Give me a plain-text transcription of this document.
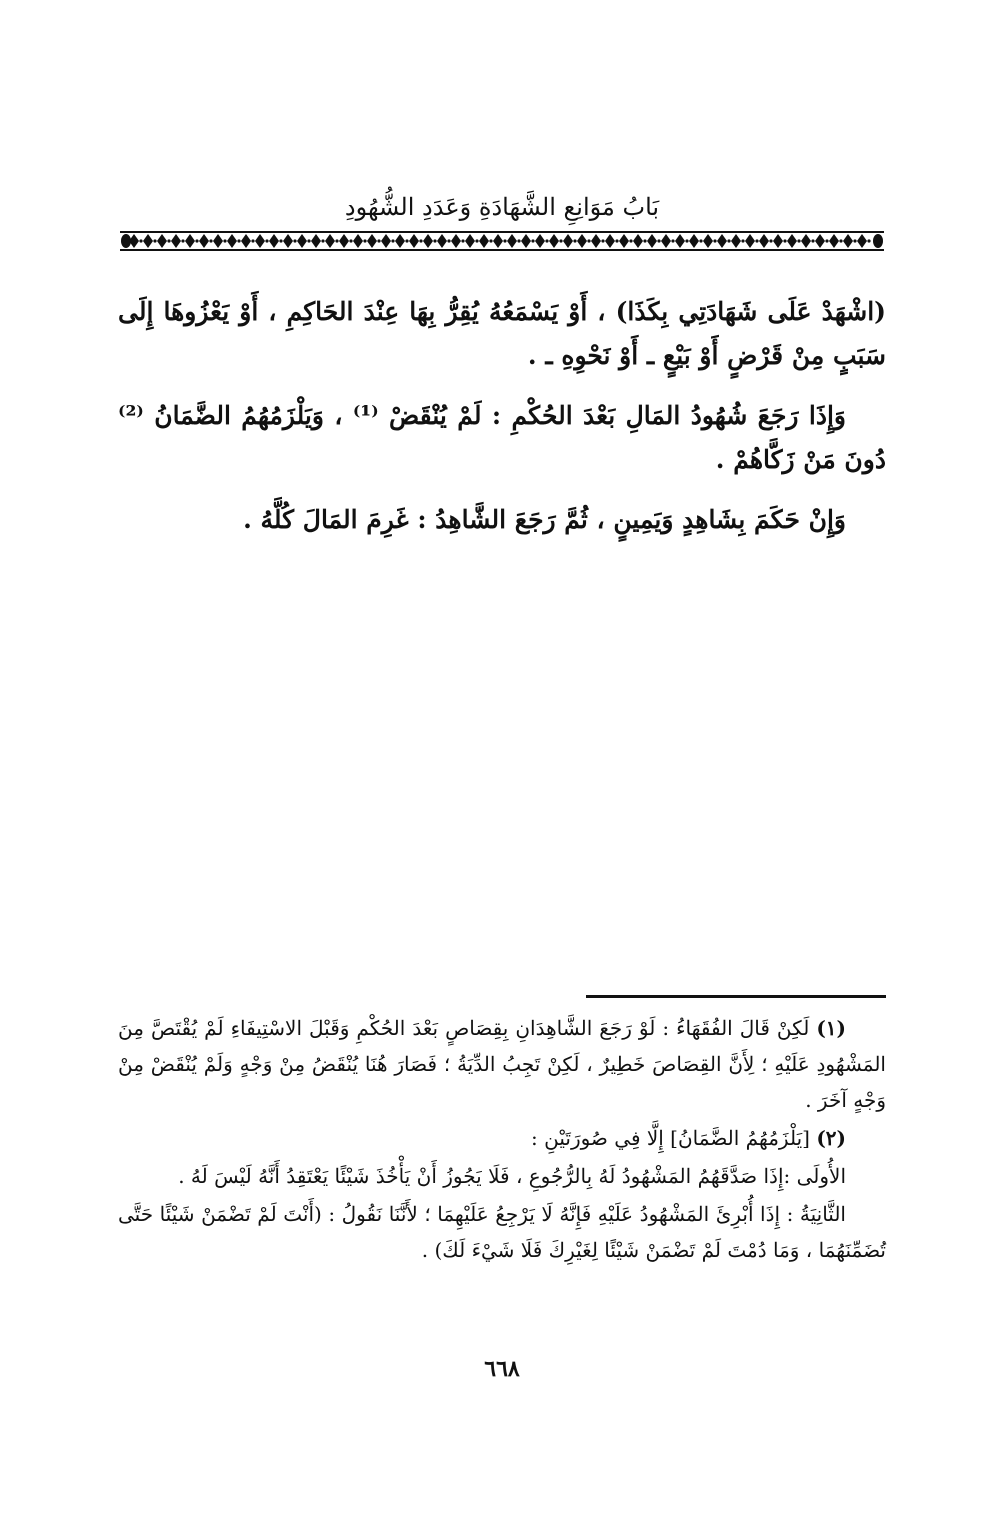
بَابُ مَوَانِعِ الشَّهَادَةِ وَعَدَدِ الشُّهُودِ

(اشْهَدْ عَلَى شَهَادَتِي بِكَذَا) ، أَوْ يَسْمَعُهُ يُقِرُّ بِهَا عِنْدَ الحَاكِمِ ، أَوْ يَعْزُوهَا إِلَى سَبَبٍ مِنْ قَرْضٍ أَوْ بَيْعٍ ـ أَوْ نَحْوِهِ ـ .

وَإِذَا رَجَعَ شُهُودُ المَالِ بَعْدَ الحُكْمِ : لَمْ يُنْقَضْ ⁽¹⁾ ، وَيَلْزَمُهُمُ الضَّمَانُ ⁽²⁾ دُونَ مَنْ زَكَّاهُمْ .

وَإِنْ حَكَمَ بِشَاهِدٍ وَيَمِينٍ ، ثُمَّ رَجَعَ الشَّاهِدُ : غَرِمَ المَالَ كُلَّهُ .

(١) لَكِنْ قَالَ الفُقَهَاءُ : لَوْ رَجَعَ الشَّاهِدَانِ بِقِصَاصٍ بَعْدَ الحُكْمِ وَقَبْلَ الاسْتِيفَاءِ لَمْ يُقْتَصَّ مِنَ المَشْهُودِ عَلَيْهِ ؛ لِأَنَّ القِصَاصَ خَطِيرٌ ، لَكِنْ تَجِبُ الدِّيَةُ ؛ فَصَارَ هُنَا يُنْقَضُ مِنْ وَجْهٍ وَلَمْ يُنْقَضْ مِنْ وَجْهٍ آخَرَ .

(٢) [يَلْزَمُهُمُ الضَّمَانُ] إِلَّا فِي صُورَتَيْنِ :

الأُولَى :إِذَا صَدَّقَهُمُ المَشْهُودُ لَهُ بِالرُّجُوعِ ، فَلَا يَجُوزُ أَنْ يَأْخُذَ شَيْئًا يَعْتَقِدُ أَنَّهُ لَيْسَ لَهُ .

الثَّانِيَةُ : إِذَا أُبْرِئَ المَشْهُودُ عَلَيْهِ فَإِنَّهُ لَا يَرْجِعُ عَلَيْهِمَا ؛ لأَنَّنَا نَقُولُ : (أَنْتَ لَمْ تَضْمَنْ شَيْئًا حَتَّى تُضَمِّنَهُمَا ، وَمَا دُمْتَ لَمْ تَضْمَنْ شَيْئًا لِغَيْرِكَ فَلَا شَيْءَ لَكَ) .

٦٦٨
